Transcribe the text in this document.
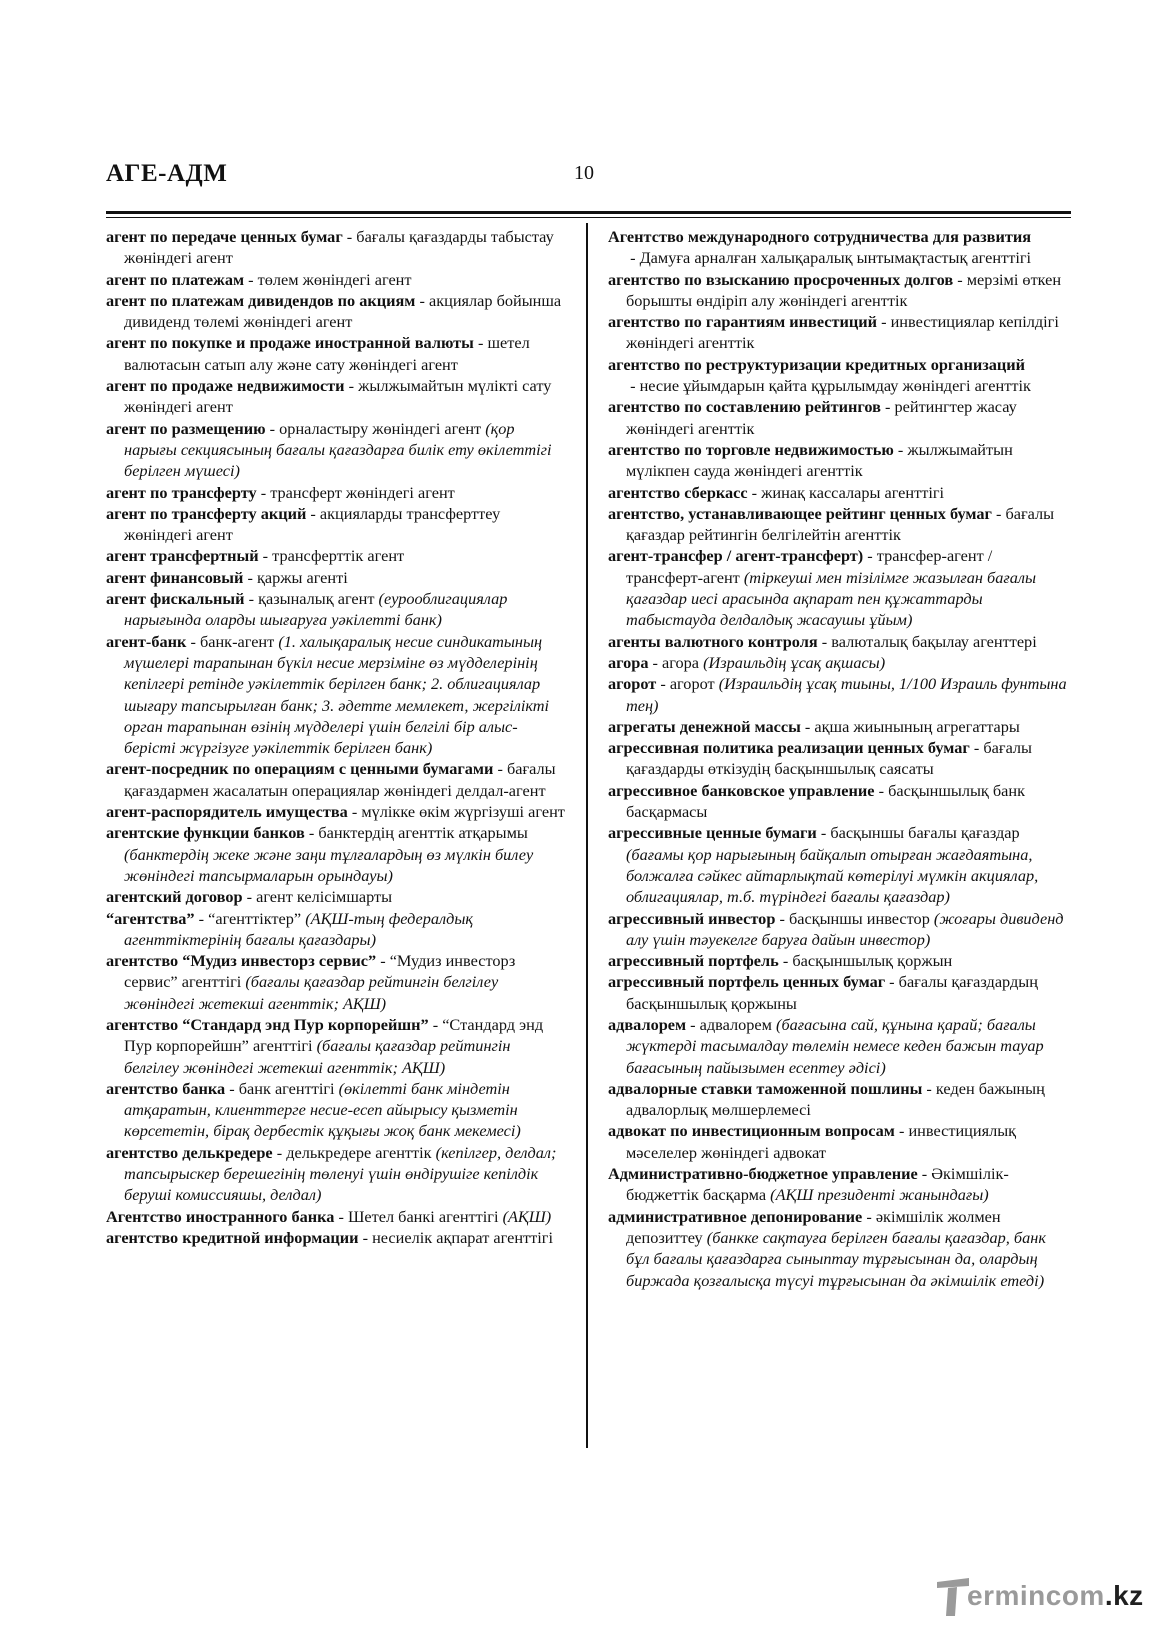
АГЕ-АДМ	10

агент по передаче ценных бумаг - бағалы қағаздарды табыстау жөніндегі агент

агент по платежам - төлем жөніндегі агент

агент по платежам дивидендов по акциям - акциялар бойынша дивиденд төлемі жөніндегі агент

агент по покупке и продаже иностранной валюты - шетел валютасын сатып алу және сату жөніндегі агент

агент по продаже недвижимости - жылжымайтын мүлікті сату жөніндегі агент

агент по размещению - орналастыру жөніндегі агент (қор нарығы секциясының бағалы қағаздарға билік ету өкілеттігі берілген мүшесі)

агент по трансферту - трансферт жөніндегі агент

агент по трансферту акций - акцияларды трансферттеу жөніндегі агент

агент трансфертный - трансферттік агент

агент финансовый - қаржы агенті

агент фискальный - қазыналық агент (еурооблигациялар нарығында оларды шығаруға уәкілетті банк)

агент-банк - банк-агент (1. халықаралық несие синдикатының мүшелері тарапынан бүкіл несие мерзіміне өз мүдделерінің кепілгері ретінде уәкілеттік берілген банк; 2. облигациялар шығару тапсырылған банк; 3. әдетте мемлекет, жергілікті орган тарапынан өзінің мүдделері үшін белгілі бір алыс-берісті жүргізуге уәкілеттік берілген банк)

агент-посредник по операциям с ценными бумагами - бағалы қағаздармен жасалатын операциялар жөніндегі делдал-агент

агент-распорядитель имущества - мүлікке өкім жүргізуші агент

агентские функции банков - банктердің агенттік атқарымы (банктердің жеке және заңи тұлғалардың өз мүлкін билеу жөніндегі тапсырмаларын орындауы)

агентский договор - агент келісімшарты

“агентства” - “агенттіктер” (АҚШ-тың федералдық агенттіктерінің бағалы қағаздары)

агентство “Мудиз инвесторз сервис” - “Мудиз инвесторз сервис” агенттігі (бағалы қағаздар рейтингін белгілеу жөніндегі жетекші агенттік; АҚШ)

агентство “Стандард энд Пур корпорейшн” - “Стандард энд Пур корпорейшн” агенттігі (бағалы қағаздар рейтингін белгілеу жөніндегі жетекші агенттік; АҚШ)

агентство банка - банк агенттігі (өкілетті банк міндетін атқаратын, клиенттерге несие-есеп айырысу қызметін көрсететін, бірақ дербестік құқығы жоқ банк мекемесі)

агентство делькредере - делькредере агенттік (кепілгер, делдал; тапсырыскер берешегінің төленуі үшін өндірушіге кепілдік беруші комиссияшы, делдал)

Агентство иностранного банка - Шетел банкі агенттігі (АҚШ)

агентство кредитной информации - несиелік ақпарат агенттігі

Агентство международного сотрудничества для развития - Дамуға арналған халықаралық ынтымақтастық агенттігі

агентство по взысканию просроченных долгов - мерзімі өткен борышты өндіріп алу жөніндегі агенттік

агентство по гарантиям инвестиций - инвестициялар кепілдігі жөніндегі агенттік

агентство по реструктуризации кредитных организаций - несие ұйымдарын қайта құрылымдау жөніндегі агенттік

агентство по составлению рейтингов - рейтингтер жасау жөніндегі агенттік

агентство по торговле недвижимостью - жылжымайтын мүлікпен сауда жөніндегі агенттік

агентство сберкасс - жинақ кассалары агенттігі

агентство, устанавливающее рейтинг ценных бумаг - бағалы қағаздар рейтингін белгілейтін агенттік

агент-трансфер / агент-трансферт) - трансфер-агент / трансферт-агент (тіркеуші мен тізілімге жазылған бағалы қағаздар иесі арасында ақпарат пен құжаттарды табыстауда делдалдық жасаушы ұйым)

агенты валютного контроля - валюталық бақылау агенттері

агора - агора (Израильдің ұсақ ақшасы)

агорот - агорот (Израильдің ұсақ тиыны, 1/100 Израиль фунтына тең)

агрегаты денежной массы - ақша жиынының агрегаттары

агрессивная политика реализации ценных бумаг - бағалы қағаздарды өткізудің басқыншылық саясаты

агрессивное банковское управление - басқыншылық банк басқармасы

агрессивные ценные бумаги - басқыншы бағалы қағаздар (бағамы қор нарығының байқалып отырған жағдаятына, болжалға сәйкес айтарлықтай көтерілуі мүмкін акциялар, облигациялар, т.б. түріндегі бағалы қағаздар)

агрессивный инвестор - басқыншы инвестор (жоғары дивиденд алу үшін тәуекелге баруға дайын инвестор)

агрессивный портфель - басқыншылық қоржын

агрессивный портфель ценных бумаг - бағалы қағаздардың басқыншылық қоржыны

адвалорем - адвалорем (бағасына сай, құнына қарай; бағалы жүктерді тасымалдау төлемін немесе кеден бажын тауар бағасының пайызымен есептеу әдісі)

адвалорные ставки таможенной пошлины - кеден бажының адвалорлық мөлшерлемесі

адвокат по инвестиционным вопросам - инвестициялық мәселелер жөніндегі адвокат

Административно-бюджетное управление - Әкімшілік-бюджеттік басқарма (АҚШ президенті жанындағы)

административное депонирование - әкімшілік жолмен депозиттеу (банкке сақтауға берілген бағалы қағаздар, банк бұл бағалы қағаздарға сыныптау тұрғысынан да, олардың биржада қозғалысқа түсуі тұрғысынан да әкімшілік етеді)

ermincom.kz
